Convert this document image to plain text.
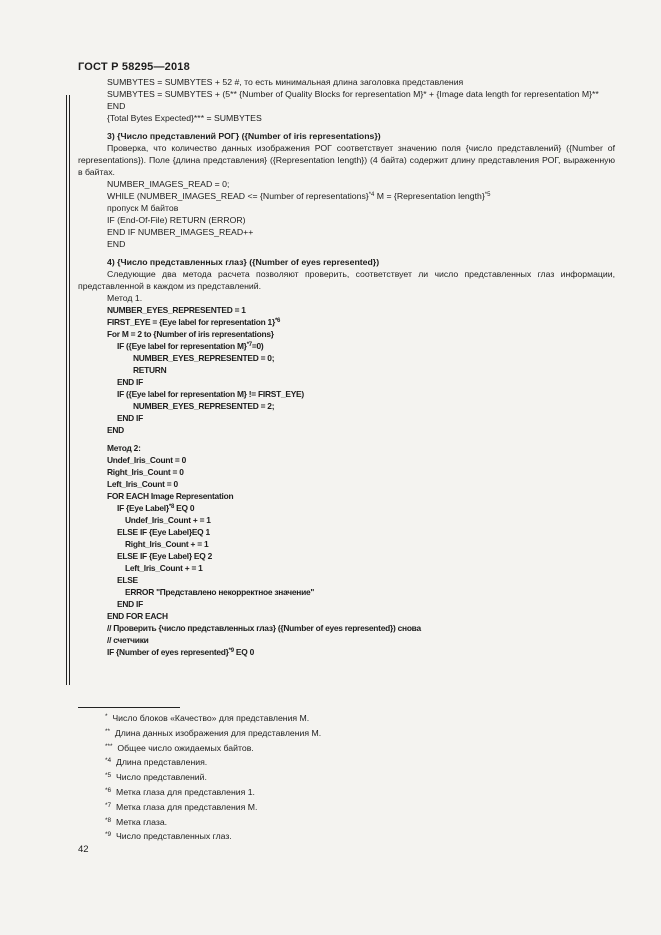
ГОСТ Р 58295—2018
SUMBYTES = SUMBYTES + 52 #, то есть минимальная длина заголовка представления
SUMBYTES = SUMBYTES + (5** {Number of Quality Blocks for representation M}* + {Image data length for representation M}**
END
{Total Bytes Expected}*** = SUMBYTES
3) {Число представлений РОГ} ({Number of iris representations})
Проверка, что количество данных изображения РОГ соответствует значению поля {число представлений} ({Number of representations}). Поле {длина представления} ({Representation length}) (4 байта) содержит длину представления РОГ, выраженную в байтах.
NUMBER_IMAGES_READ = 0;
WHILE (NUMBER_IMAGES_READ <= {Number of representations}$^{*4}$ M = {Representation length}$^{*5}$
пропуск M байтов
IF (End-Of-File) RETURN (ERROR)
END IF NUMBER_IMAGES_READ++
END
4) {Число представленных глаз} ({Number of eyes represented})
Следующие два метода расчета позволяют проверить, соответствует ли число представленных глаз информации, представленной в каждом из представлений.
Метод 1.
NUMBER_EYES_REPRESENTED = 1
FIRST_EYE = {Eye label for representation 1}$^{*6}$
For M = 2 to {Number of iris representations}
IF ({Eye label for representation M}$^{*7}$=0)
NUMBER_EYES_REPRESENTED = 0;
RETURN
END IF
IF ({Eye label for representation M} != FIRST_EYE)
NUMBER_EYES_REPRESENTED = 2;
END IF
END
Метод 2:
Undef_Iris_Count = 0
Right_Iris_Count = 0
Left_Iris_Count = 0
FOR EACH Image Representation
IF {Eye Label}$^{*8}$ EQ 0
Undef_Iris_Count + = 1
ELSE IF {Eye Label}EQ 1
Right_Iris_Count + = 1
ELSE IF {Eye Label} EQ 2
Left_Iris_Count + = 1
ELSE
ERROR "Представлено некорректное значение"
END IF
END FOR EACH
// Проверить {число представленных глаз} ({Number of eyes represented}) снова
// счетчики
IF {Number of eyes represented}$^{*9}$ EQ 0
* Число блоков «Качество» для представления M.
** Длина данных изображения для представления M.
*** Общее число ожидаемых байтов.
$^{*4}$ Длина представления.
$^{*5}$ Число представлений.
$^{*6}$ Метка глаза для представления 1.
$^{*7}$ Метка глаза для представления M.
$^{*8}$ Метка глаза.
$^{*9}$ Число представленных глаз.
42
